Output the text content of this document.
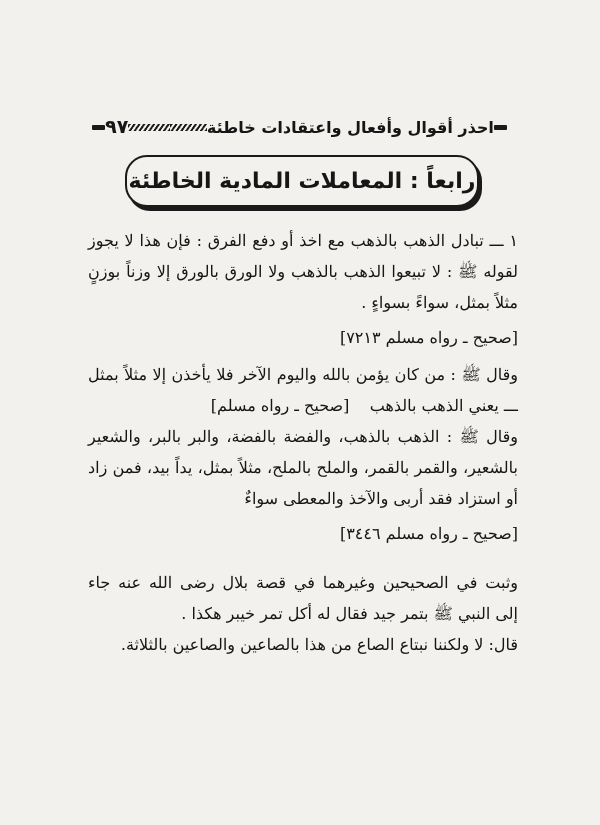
احذر أقوال وأفعال واعتقادات خاطئة
٩٧
رابعاً : المعاملات المادية الخاطئة

١ ـــ تبادل الذهب بالذهب مع اخذ أو دفع الفرق : فإن هذا لا يجوز لقوله ﷺ : لا تبيعوا الذهب بالذهب ولا الورق بالورق إلا وزناً بوزنٍ مثلاً بمثل، سواءً بسواءٍ .

[صحيح ـ رواه مسلم ٧٢١٣]

وقال ﷺ : من كان يؤمن بالله واليوم الآخر فلا يأخذن إلا مثلاً بمثل ـــ يعني الذهب بالذهب    [صحيح ـ رواه مسلم]

وقال ﷺ : الذهب بالذهب، والفضة بالفضة، والبر بالبر، والشعير بالشعير، والقمر بالقمر، والملح بالملح، مثلاً بمثل، يداً بيد، فمن زاد أو استزاد فقد أربى والآخذ والمعطى سواءٌ

[صحيح ـ رواه مسلم ٣٤٤٦]

وثبت في الصحيحين وغيرهما في قصة بلال رضى الله عنه جاء إلى النبي ﷺ بتمر جيد فقال له أكل تمر خيبر هكذا .

قال: لا ولكننا نبتاع الصاع من هذا بالصاعين والصاعين بالثلاثة.
